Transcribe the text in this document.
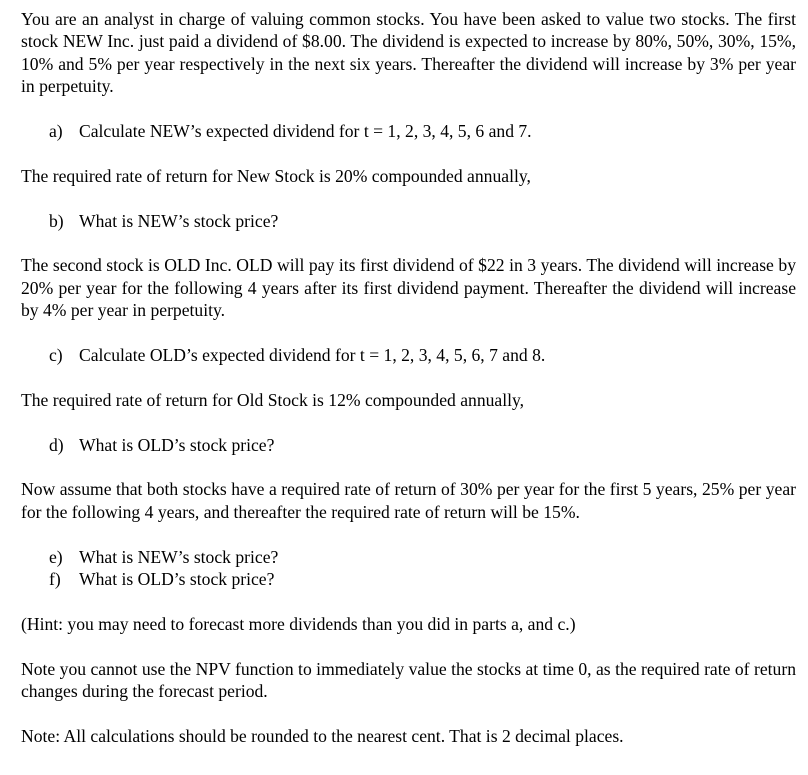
You are an analyst in charge of valuing common stocks. You have been asked to value two stocks. The first stock NEW Inc. just paid a dividend of $8.00. The dividend is expected to increase by 80%, 50%, 30%, 15%, 10% and 5% per year respectively in the next six years. Thereafter the dividend will increase by 3% per year in perpetuity.

a) Calculate NEW’s expected dividend for t = 1, 2, 3, 4, 5, 6 and 7.

The required rate of return for New Stock is 20% compounded annually,

b) What is NEW’s stock price?

The second stock is OLD Inc. OLD will pay its first dividend of $22 in 3 years. The dividend will increase by 20% per year for the following 4 years after its first dividend payment. Thereafter the dividend will increase by 4% per year in perpetuity.

c) Calculate OLD’s expected dividend for t = 1, 2, 3, 4, 5, 6, 7 and 8.

The required rate of return for Old Stock is 12% compounded annually,

d) What is OLD’s stock price?

Now assume that both stocks have a required rate of return of 30% per year for the first 5 years, 25% per year for the following 4 years, and thereafter the required rate of return will be 15%.

e) What is NEW’s stock price?

f)	What is OLD’s stock price?

(Hint: you may need to forecast more dividends than you did in parts a, and c.)

Note you cannot use the NPV function to immediately value the stocks at time 0, as the required rate of return changes during the forecast period.

Note: All calculations should be rounded to the nearest cent. That is 2 decimal places.
